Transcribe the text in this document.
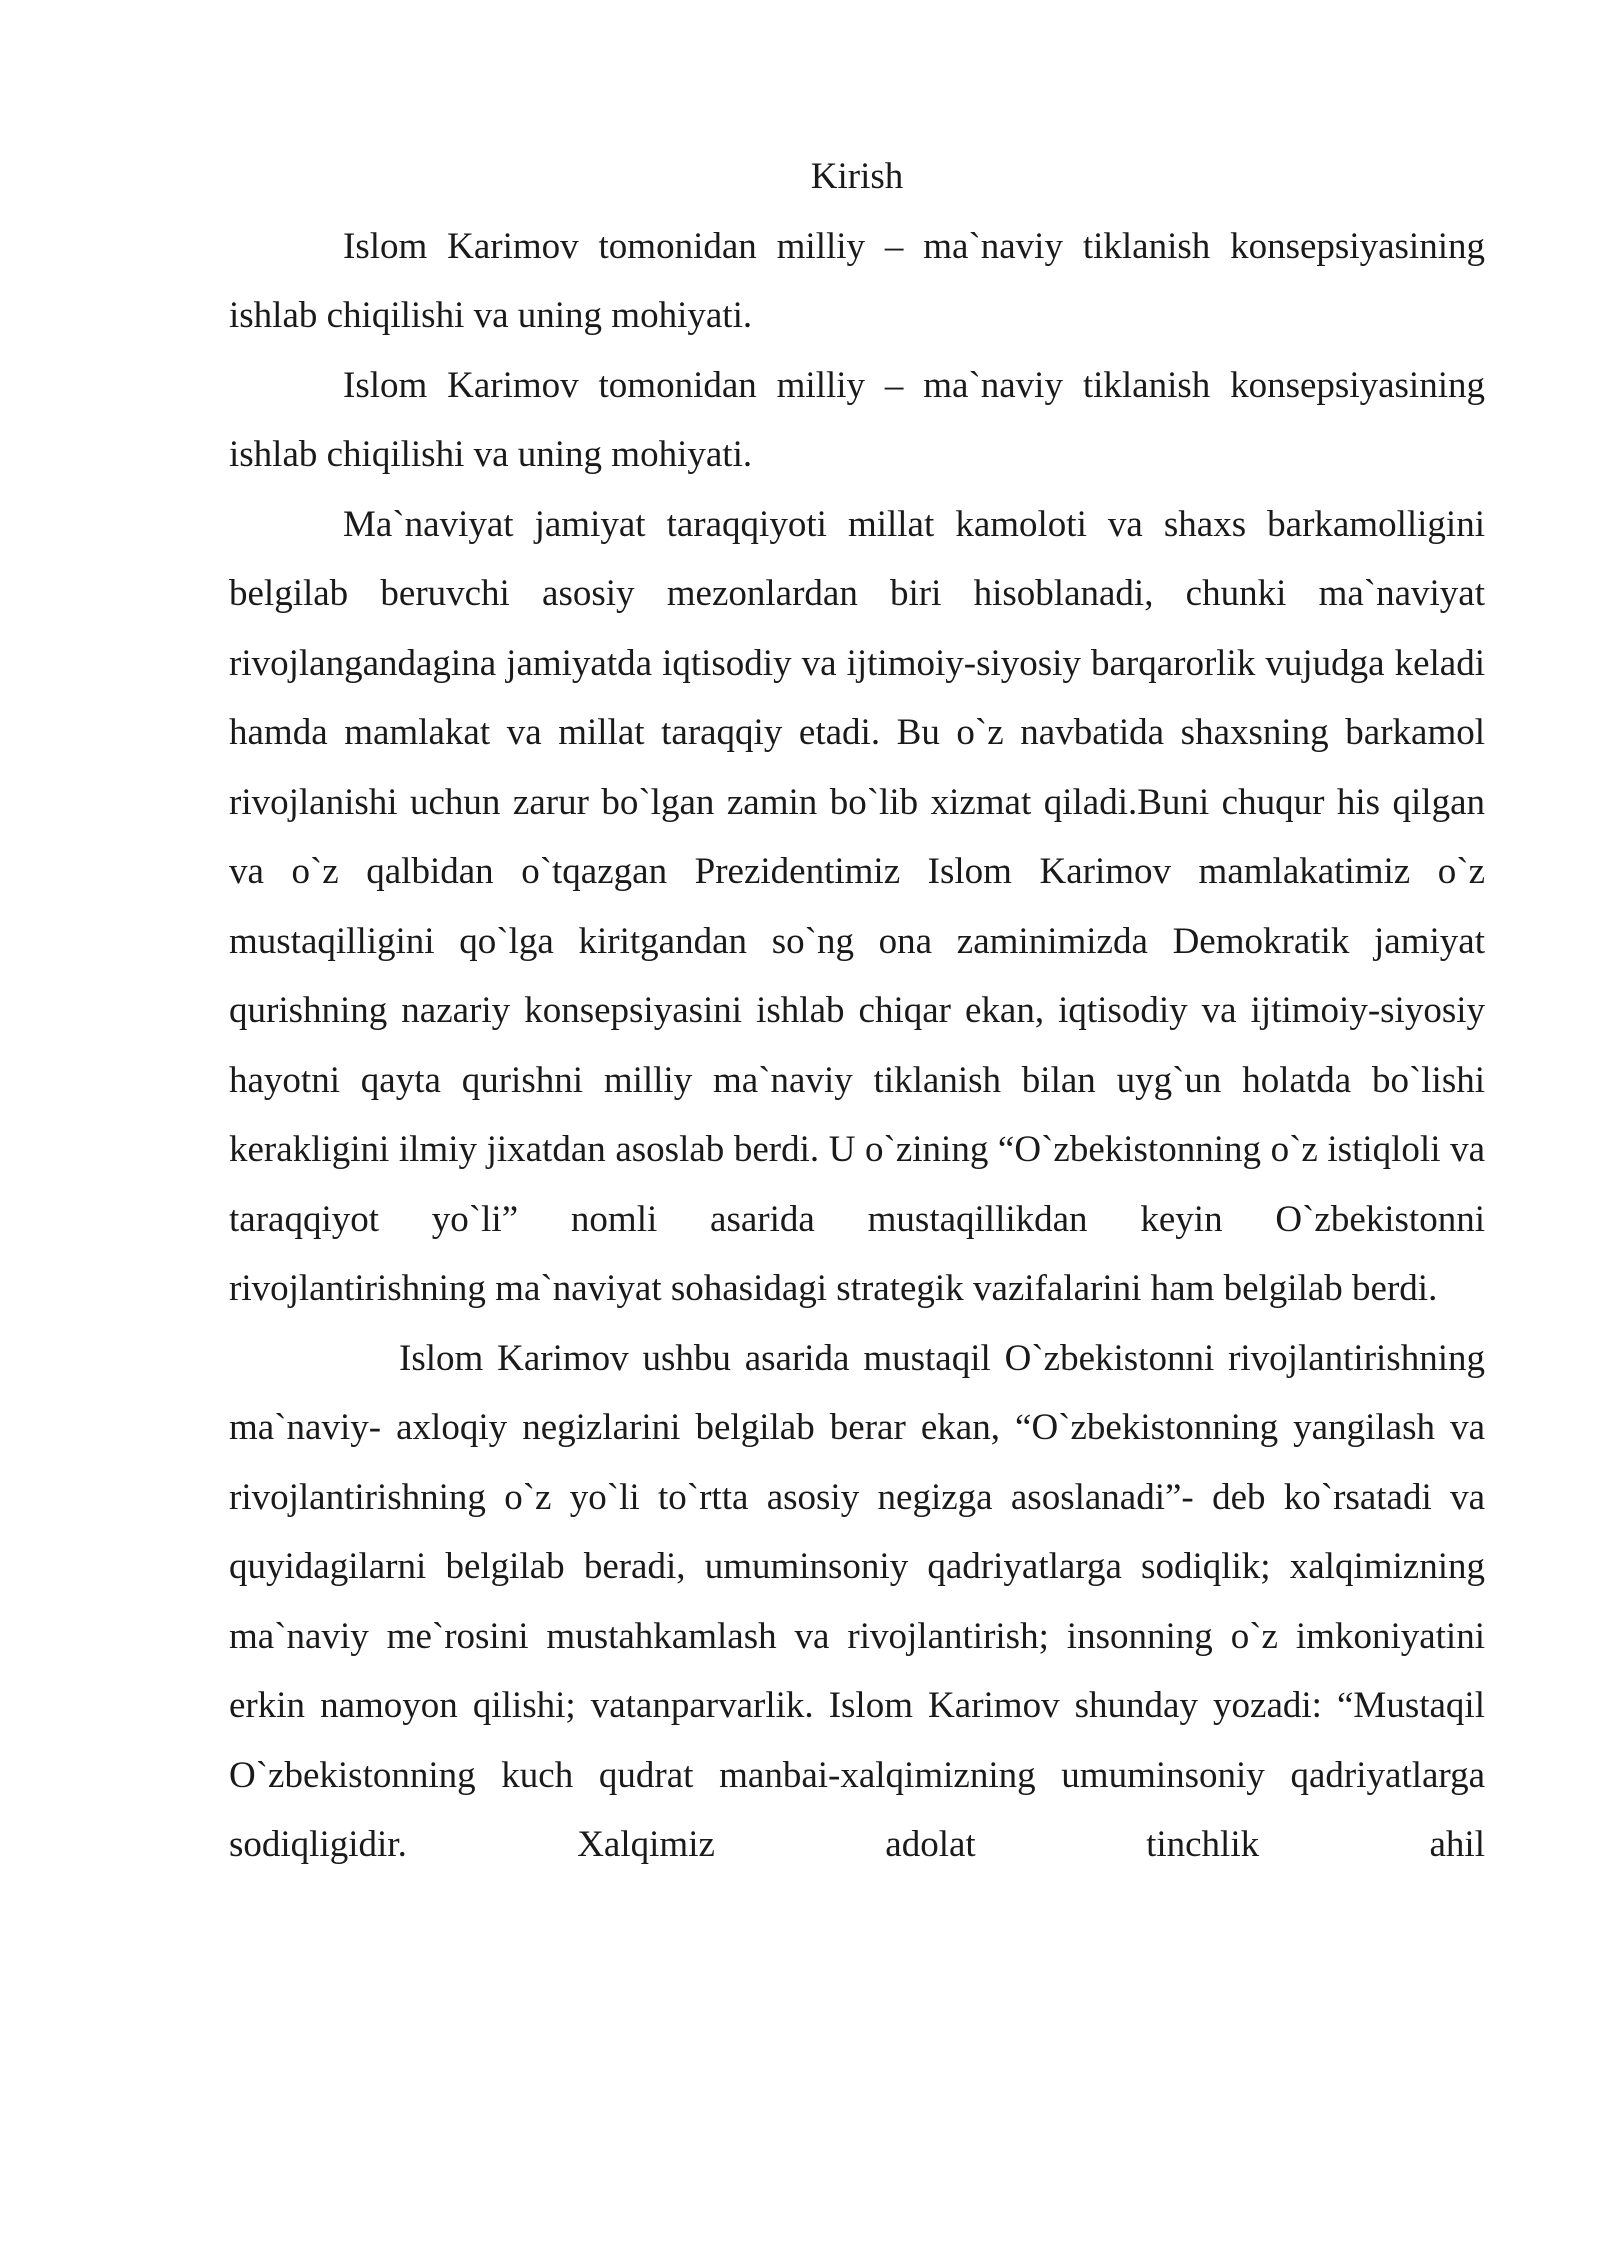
Kirish

Islom Karimov tomonidan milliy – ma`naviy tiklanish konsepsiyasining ishlab chiqilishi va uning mohiyati.

Islom Karimov tomonidan milliy – ma`naviy tiklanish konsepsiyasining ishlab chiqilishi va uning mohiyati.

Ma`naviyat jamiyat taraqqiyoti millat kamoloti va shaxs barkamolligini belgilab beruvchi asosiy mezonlardan biri hisoblanadi, chunki ma`naviyat rivojlangandagina jamiyatda iqtisodiy va ijtimoiy-siyosiy barqarorlik vujudga keladi hamda mamlakat va millat taraqqiy etadi. Bu o`z navbatida shaxsning barkamol rivojlanishi uchun zarur bo`lgan zamin bo`lib xizmat qiladi.Buni chuqur his qilgan va o`z qalbidan o`tqazgan Prezidentimiz Islom Karimov mamlakatimiz o`z mustaqilligini qo`lga kiritgandan so`ng ona zaminimizda Demokratik jamiyat qurishning nazariy konsepsiyasini ishlab chiqar ekan, iqtisodiy va ijtimoiy-siyosiy hayotni qayta qurishni milliy ma`naviy tiklanish bilan uyg`un holatda bo`lishi kerakligini ilmiy jixatdan asoslab berdi. U o`zining “O`zbekistonning o`z istiqloli va taraqqiyot yo`li” nomli asarida mustaqillikdan keyin O`zbekistonni rivojlantirishning ma`naviyat sohasidagi strategik vazifalarini ham belgilab berdi.

Islom Karimov ushbu asarida mustaqil O`zbekistonni rivojlantirishning ma`naviy- axloqiy negizlarini belgilab berar ekan, “O`zbekistonning yangilash va rivojlantirishning o`z yo`li to`rtta asosiy negizga asoslanadi”- deb ko`rsatadi va quyidagilarni belgilab beradi, umuminsoniy qadriyatlarga sodiqlik; xalqimizning ma`naviy me`rosini mustahkamlash va rivojlantirish; insonning o`z imkoniyatini erkin namoyon qilishi; vatanparvarlik. Islom Karimov shunday yozadi: “Mustaqil O`zbekistonning kuch qudrat manbai-xalqimizning umuminsoniy qadriyatlarga sodiqligidir. Xalqimiz adolat tinchlik ahil
